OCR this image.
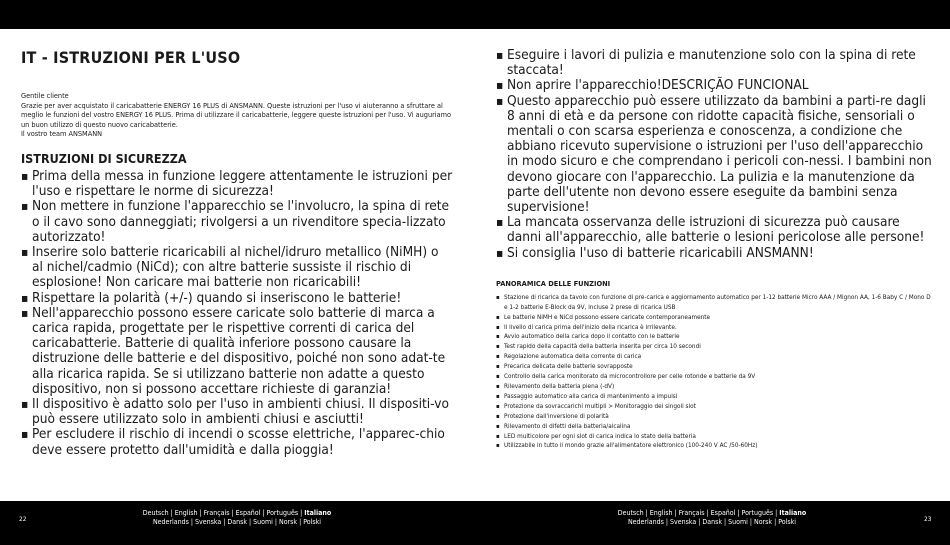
IT - ISTRUZIONI PER L'USO

Gentile cliente

Grazie per aver acquistato il caricabatterie ENERGY 16 PLUS di ANSMANN. Queste istruzioni per l'uso vi aiuteranno a sfruttare al meglio le funzioni del vostro ENERGY 16 PLUS. Prima di utilizzare il caricabatterie, leggere queste istruzioni per l'uso. Vi auguriamo un buon utilizzo di questo nuovo caricabatterie.

Il vostro team ANSMANN

ISTRUZIONI DI SICUREZZA
▪ Prima della messa in funzione leggere attentamente le istruzioni per l'uso e rispettare le norme di sicurezza!
▪ Non mettere in funzione l'apparecchio se l'involucro, la spina di rete o il cavo sono danneggiati; rivolgersi a un rivenditore specia-lizzato autorizzato!
▪ Inserire solo batterie ricaricabili al nichel/idruro metallico (NiMH) o al nichel/cadmio (NiCd); con altre batterie sussiste il rischio di esplosione! Non caricare mai batterie non ricaricabili!
▪ Rispettare la polarità (+/-) quando si inseriscono le batterie!
▪ Nell'apparecchio possono essere caricate solo batterie di marca a carica rapida, progettate per le rispettive correnti di carica del caricabatterie. Batterie di qualità inferiore possono causare la distruzione delle batterie e del dispositivo, poiché non sono adat-te alla ricarica rapida. Se si utilizzano batterie non adatte a questo dispositivo, non si possono accettare richieste di garanzia!
▪ Il dispositivo è adatto solo per l'uso in ambienti chiusi. Il dispositi-vo può essere utilizzato solo in ambienti chiusi e asciutti!
▪ Per escludere il rischio di incendi o scosse elettriche, l'apparec-chio deve essere protetto dall'umidità e dalla pioggia!
▪ Eseguire i lavori di pulizia e manutenzione solo con la spina di rete staccata!
▪ Non aprire l'apparecchio!DESCRIÇÃO FUNCIONAL
▪ Questo apparecchio può essere utilizzato da bambini a parti-re dagli 8 anni di età e da persone con ridotte capacità fisiche, sensoriali o mentali o con scarsa esperienza e conoscenza, a condizione che abbiano ricevuto supervisione o istruzioni per l'uso dell'apparecchio in modo sicuro e che comprendano i pericoli con-nessi. I bambini non devono giocare con l'apparecchio. La pulizia e la manutenzione da parte dell'utente non devono essere eseguite da bambini senza supervisione!
▪ La mancata osservanza delle istruzioni di sicurezza può causare danni all'apparecchio, alle batterie o lesioni pericolose alle persone!
▪ Si consiglia l'uso di batterie ricaricabili ANSMANN!
PANORAMICA DELLE FUNZIONI
▪ Stazione di ricarica da tavolo con funzione di pre-carica e aggiornamento automatico per 1-12 batterie Micro AAA / Mignon AA, 1-6 Baby C / Mono D e 1-2 batterie E-Block da 9V, incluse 2 prese di ricarica USB
▪ Le batterie NiMH e NiCd possono essere caricate contemporaneamente
▪ Il livello di carica prima dell'inizio della ricarica è irrilevante.
▪ Avvio automatico della carica dopo il contatto con le batterie
▪ Test rapido della capacità della batteria inserita per circa 10 secondi
▪ Regolazione automatica della corrente di carica
▪ Precarica delicata delle batterie sovrapposte
▪ Controllo della carica monitorato da microcontrollore per celle rotonde e batterie da 9V
▪ Rilevamento della batteria piena (-dV)
▪ Passaggio automatico alla carica di mantenimento a impulsi
▪ Protezione da sovraccarichi multipli > Monitoraggio dei singoli slot
▪ Protezione dall'inversione di polarità
▪ Rilevamento di difetti della batteria/alcalina
▪ LED multicolore per ogni slot di carica indica lo stato della batteria
▪ Utilizzabile in tutto il mondo grazie all'alimentatore elettronico (100-240 V AC /50-60Hz)
22
Deutsch | English | Français | Español | Português | Italiano
Nederlands | Svenska | Dansk | Suomi | Norsk | Polski
Deutsch | English | Français | Español | Português | Italiano
Nederlands | Svenska | Dansk | Suomi | Norsk | Polski	23
